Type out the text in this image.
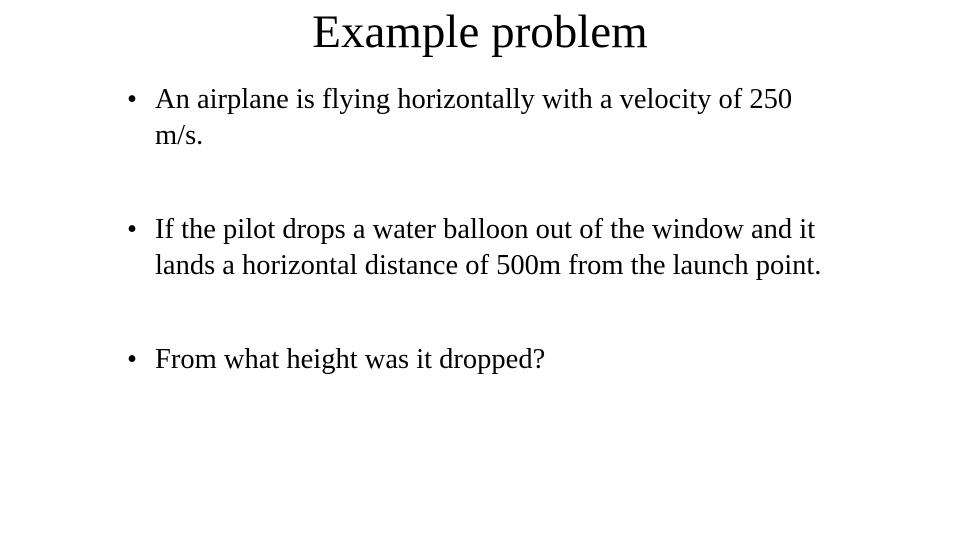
Example problem
• An airplane is flying horizontally with a velocity of 250 m/s.
• If the pilot drops a water balloon out of the window and it lands a horizontal distance of 500m from the launch point.
• From what height was it dropped?
